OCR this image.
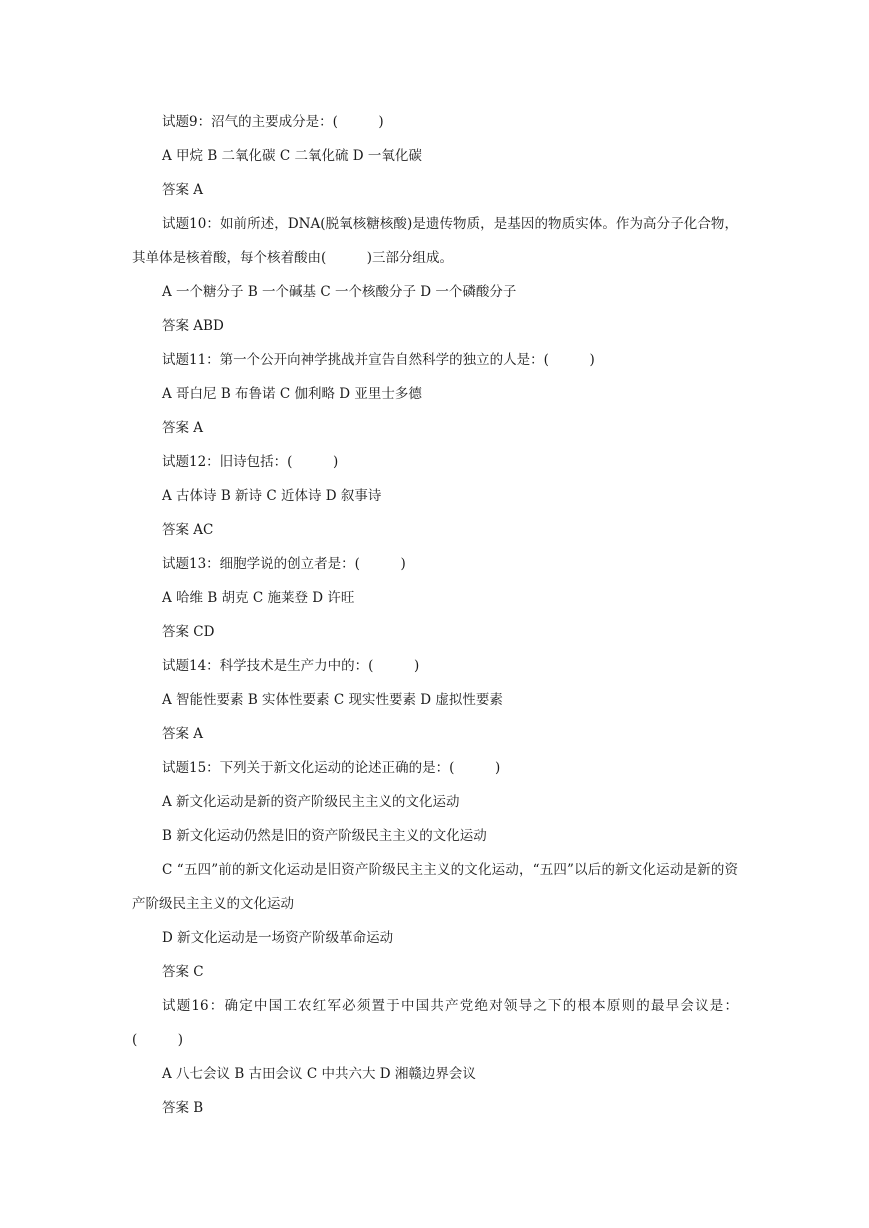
试题9：沼气的主要成分是：(　　　)
A 甲烷 B 二氧化碳 C 二氧化硫 D 一氧化碳
答案 A
试题10：如前所述，DNA(脱氧核糖核酸)是遗传物质，是基因的物质实体。作为高分子化合物，其单体是核着酸，每个核着酸由(　　　)三部分组成。
A 一个糖分子 B 一个碱基 C 一个核酸分子 D 一个磷酸分子
答案 ABD
试题11：第一个公开向神学挑战并宣告自然科学的独立的人是：(　　　)
A 哥白尼 B 布鲁诺 C 伽利略 D 亚里士多德
答案 A
试题12：旧诗包括：(　　　)
A 古体诗 B 新诗 C 近体诗 D 叙事诗
答案 AC
试题13：细胞学说的创立者是：(　　　)
A 哈维 B 胡克 C 施莱登 D 许旺
答案 CD
试题14：科学技术是生产力中的：(　　　)
A 智能性要素 B 实体性要素 C 现实性要素 D 虚拟性要素
答案 A
试题15：下列关于新文化运动的论述正确的是：(　　　)
A 新文化运动是新的资产阶级民主主义的文化运动
B 新文化运动仍然是旧的资产阶级民主主义的文化运动
C “五四”前的新文化运动是旧资产阶级民主主义的文化运动，“五四”以后的新文化运动是新的资产阶级民主主义的文化运动
D 新文化运动是一场资产阶级革命运动
答案 C
试题16：确定中国工农红军必须置于中国共产党绝对领导之下的根本原则的最早会议是：(　　　)
A 八七会议 B 古田会议 C 中共六大 D 湘赣边界会议
答案 B
